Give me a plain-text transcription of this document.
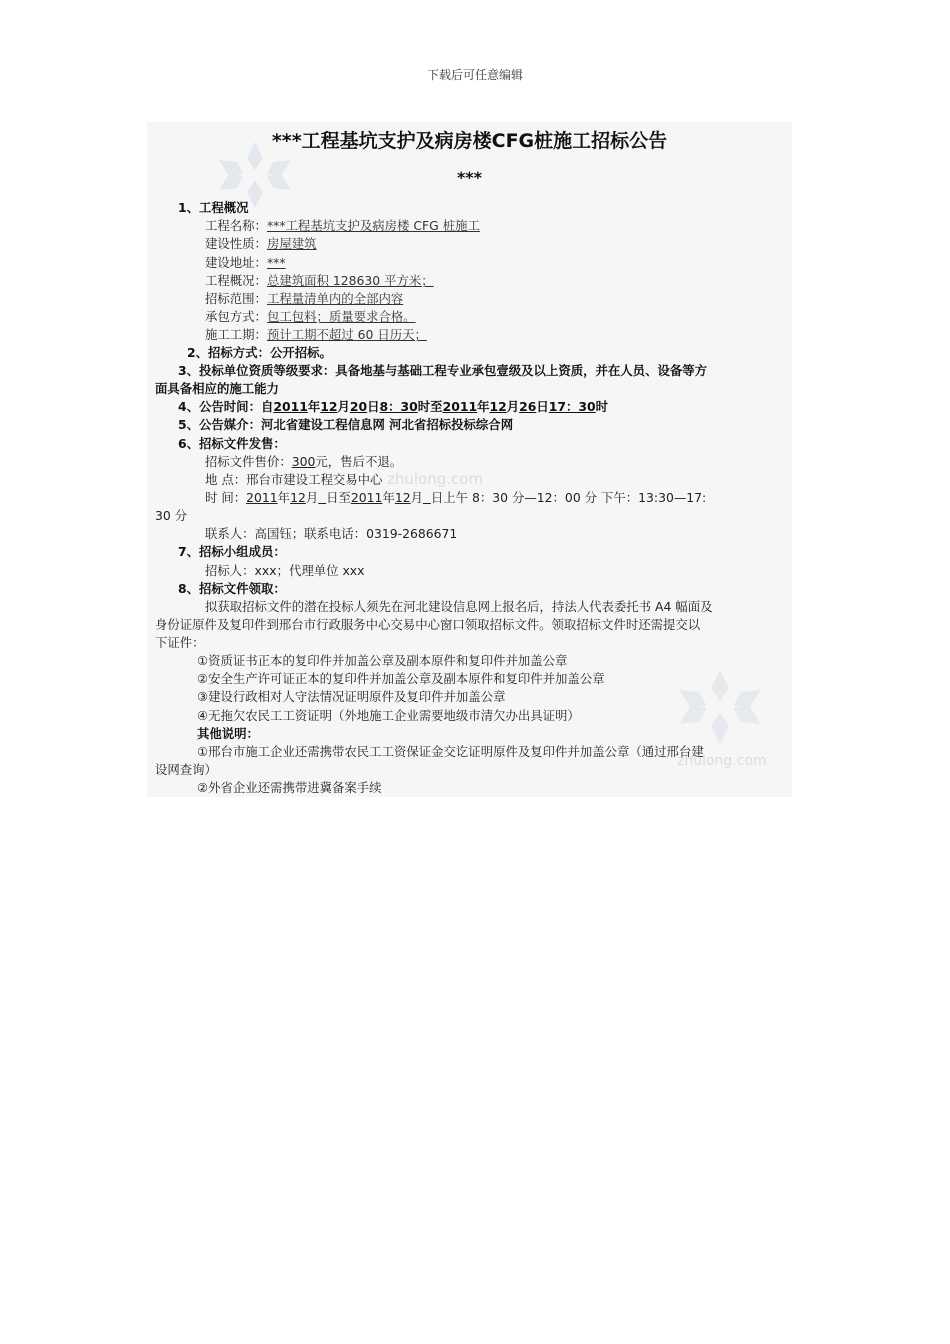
下载后可任意编辑
zhulong.com
zhulong.com
***工程基坑支护及病房楼CFG桩施工招标公告
***
1、工程概况
工程名称：***工程基坑支护及病房楼 CFG 桩施工
建设性质：房屋建筑
建设地址：***
工程概况：总建筑面积 128630 平方米；
招标范围：工程量清单内的全部内容
承包方式：包工包料；质量要求合格。
施工工期：预计工期不超过 60 日历天；
2、招标方式：公开招标。
3、投标单位资质等级要求：具备地基与基础工程专业承包壹级及以上资质，并在人员、设备等方
面具备相应的施工能力
4、公告时间：自2011年12月20日8：30时至2011年12月26日17：30时
5、公告媒介：河北省建设工程信息网 河北省招标投标综合网
6、招标文件发售：
招标文件售价：300元，售后不退。
地 点：邢台市建设工程交易中心
时 间：2011年12月 日至2011年12月 日上午 8：30 分—12：00 分 下午：13:30—17:
30 分
联系人：高国钰；联系电话：0319-2686671
7、招标小组成员：
招标人：xxx；代理单位 xxx
8、招标文件领取：
拟获取招标文件的潜在投标人须先在河北建设信息网上报名后，持法人代表委托书 A4 幅面及
身份证原件及复印件到邢台市行政服务中心交易中心窗口领取招标文件。领取招标文件时还需提交以
下证件：
①资质证书正本的复印件并加盖公章及副本原件和复印件并加盖公章
②安全生产许可证正本的复印件并加盖公章及副本原件和复印件并加盖公章
③建设行政相对人守法情况证明原件及复印件并加盖公章
④无拖欠农民工工资证明（外地施工企业需要地级市清欠办出具证明）
其他说明：
①邢台市施工企业还需携带农民工工资保证金交讫证明原件及复印件并加盖公章（通过邢台建
设网查询）
②外省企业还需携带进冀备案手续
